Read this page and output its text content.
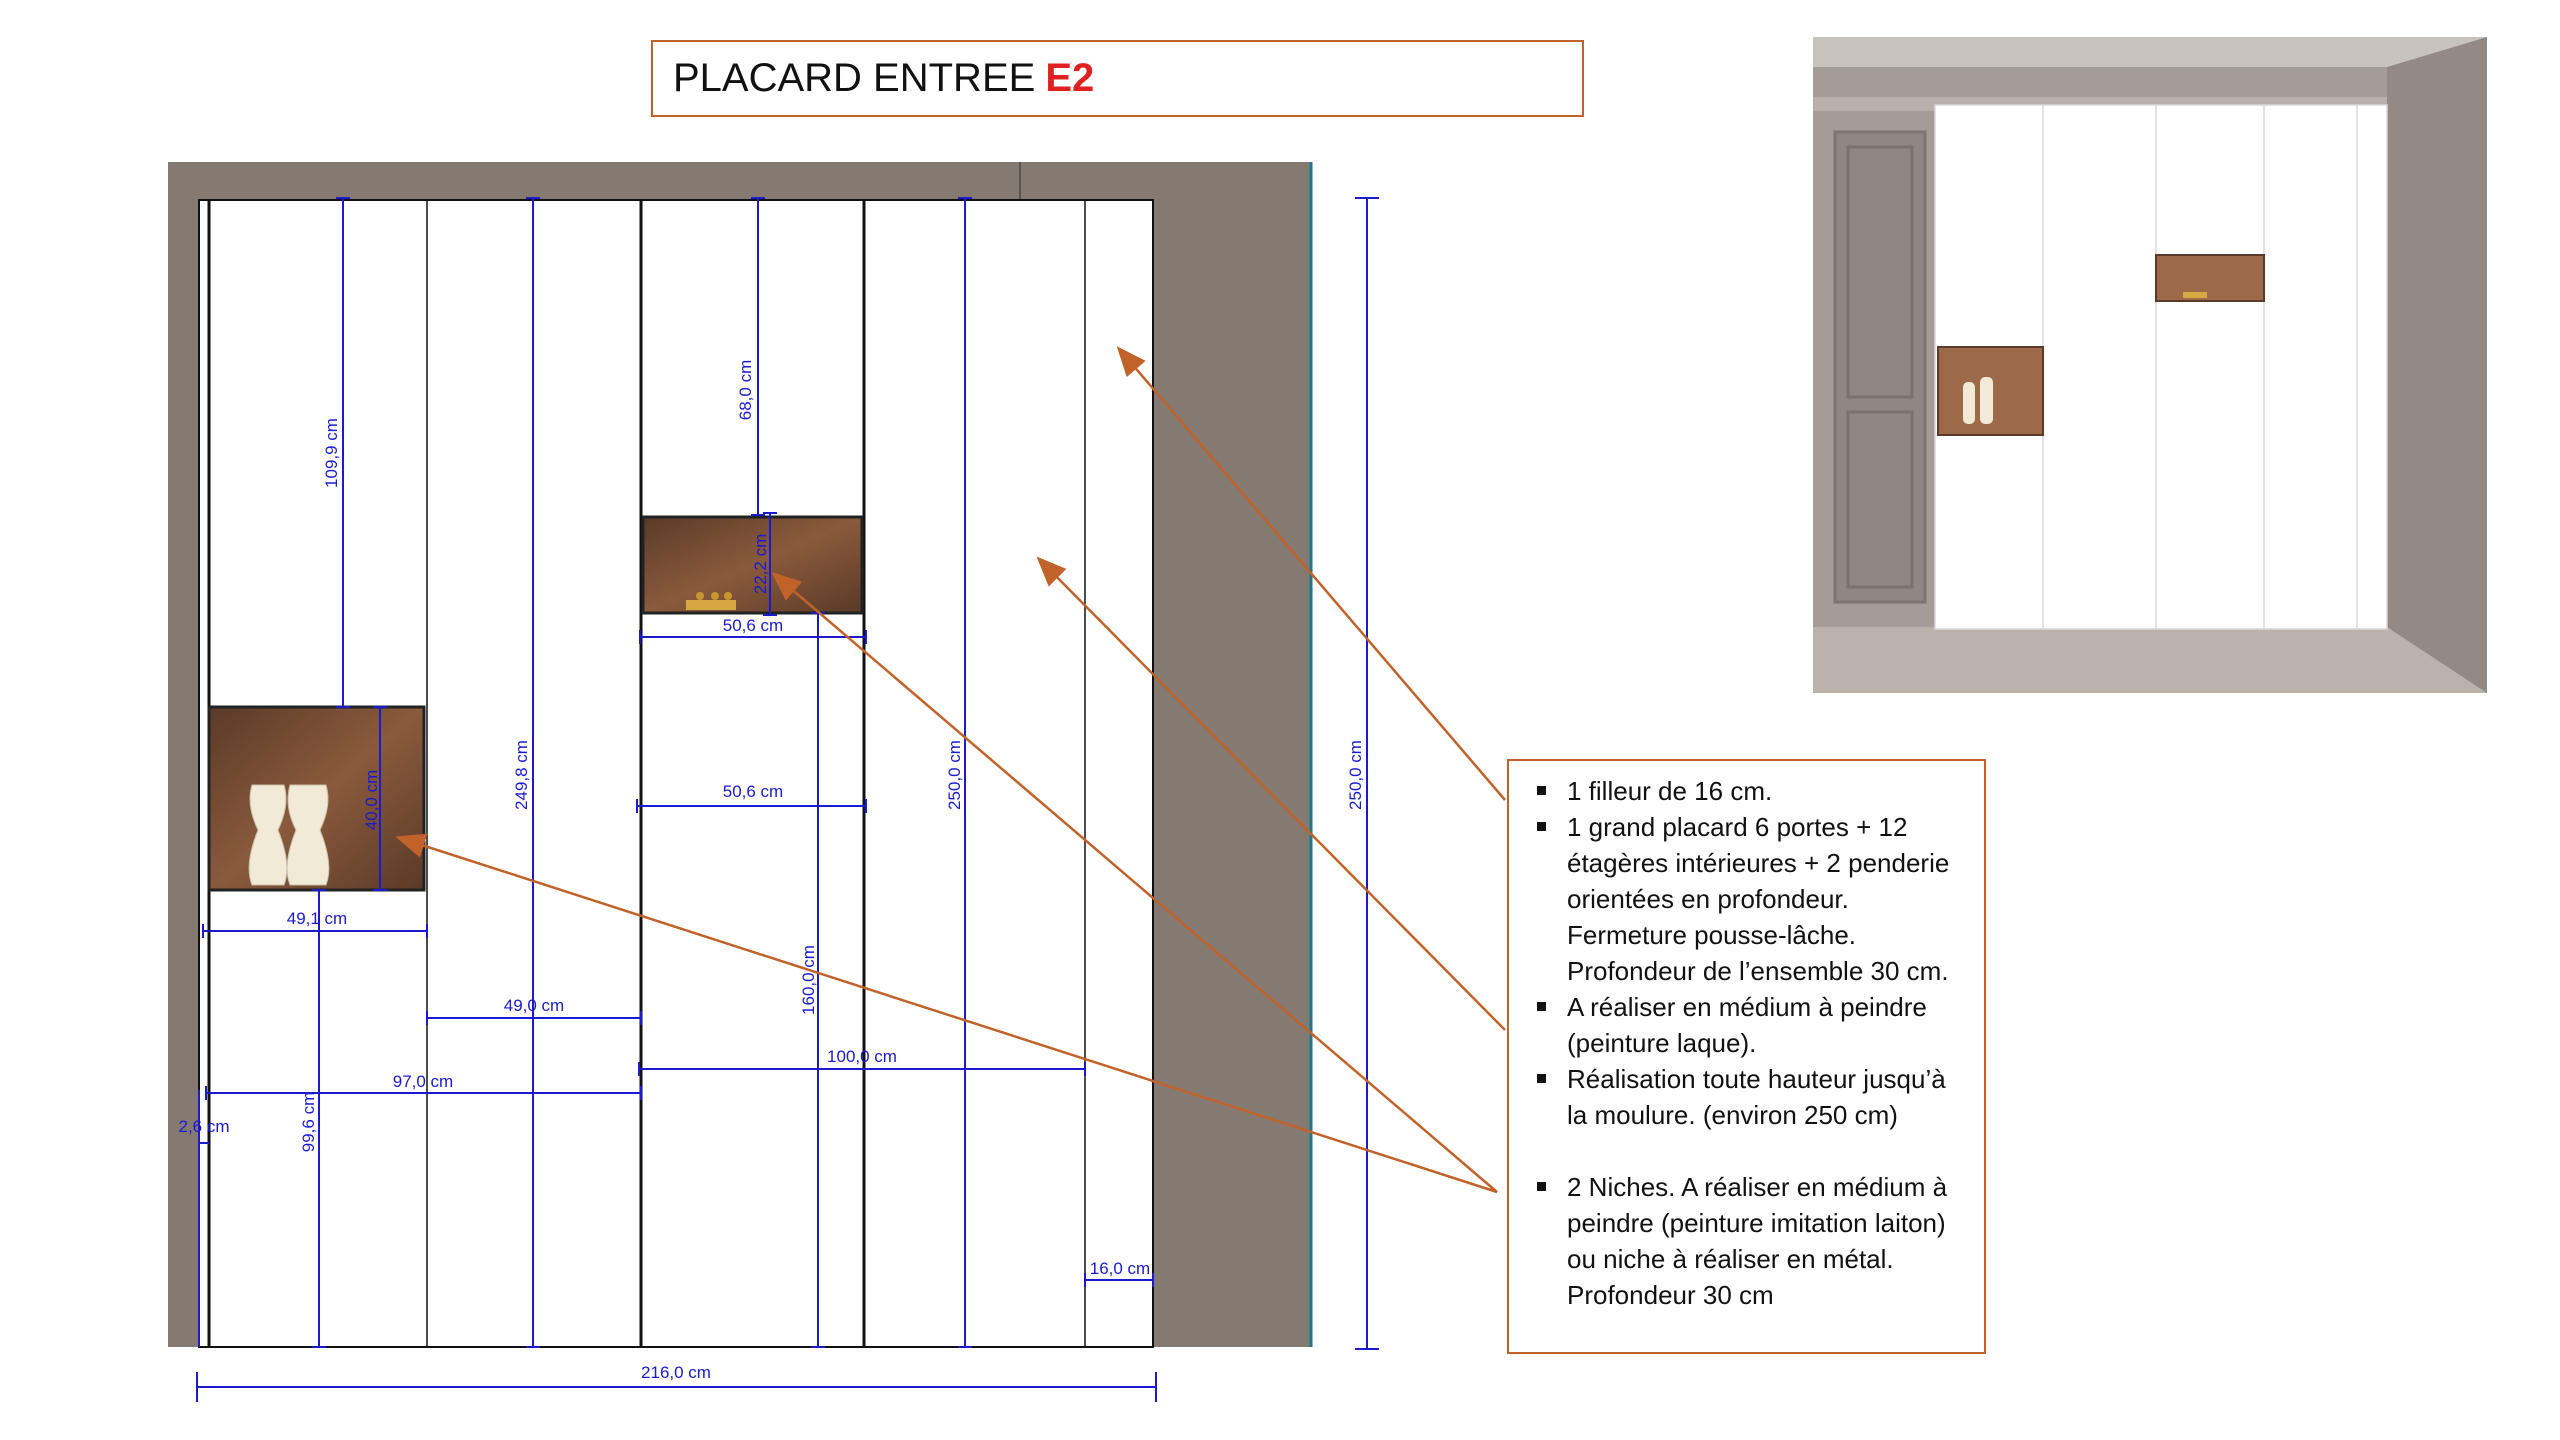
PLACARD ENTREE E2
68,0 cm
109,9 cm
22,2 cm
50,6 cm
50,6 cm
40,0 cm
49,1 cm
249,8 cm	250,0 cm	250,0 cm
49,0 cm	160,0 cm
100,0 cm
97,0 cm
2,6 cm	99,6 cm
16,0 cm
216,0 cm
1 filleur de 16 cm.
1 grand placard 6 portes + 12 étagères intérieures + 2 penderie orientées en profondeur. Fermeture pousse-lâche. Profondeur de l’ensemble 30 cm.
A réaliser en médium à peindre (peinture laque).
Réalisation toute hauteur jusqu’à la moulure. (environ 250 cm)
2 Niches. A réaliser en médium à peindre (peinture imitation laiton) ou niche à réaliser en métal. Profondeur 30 cm
